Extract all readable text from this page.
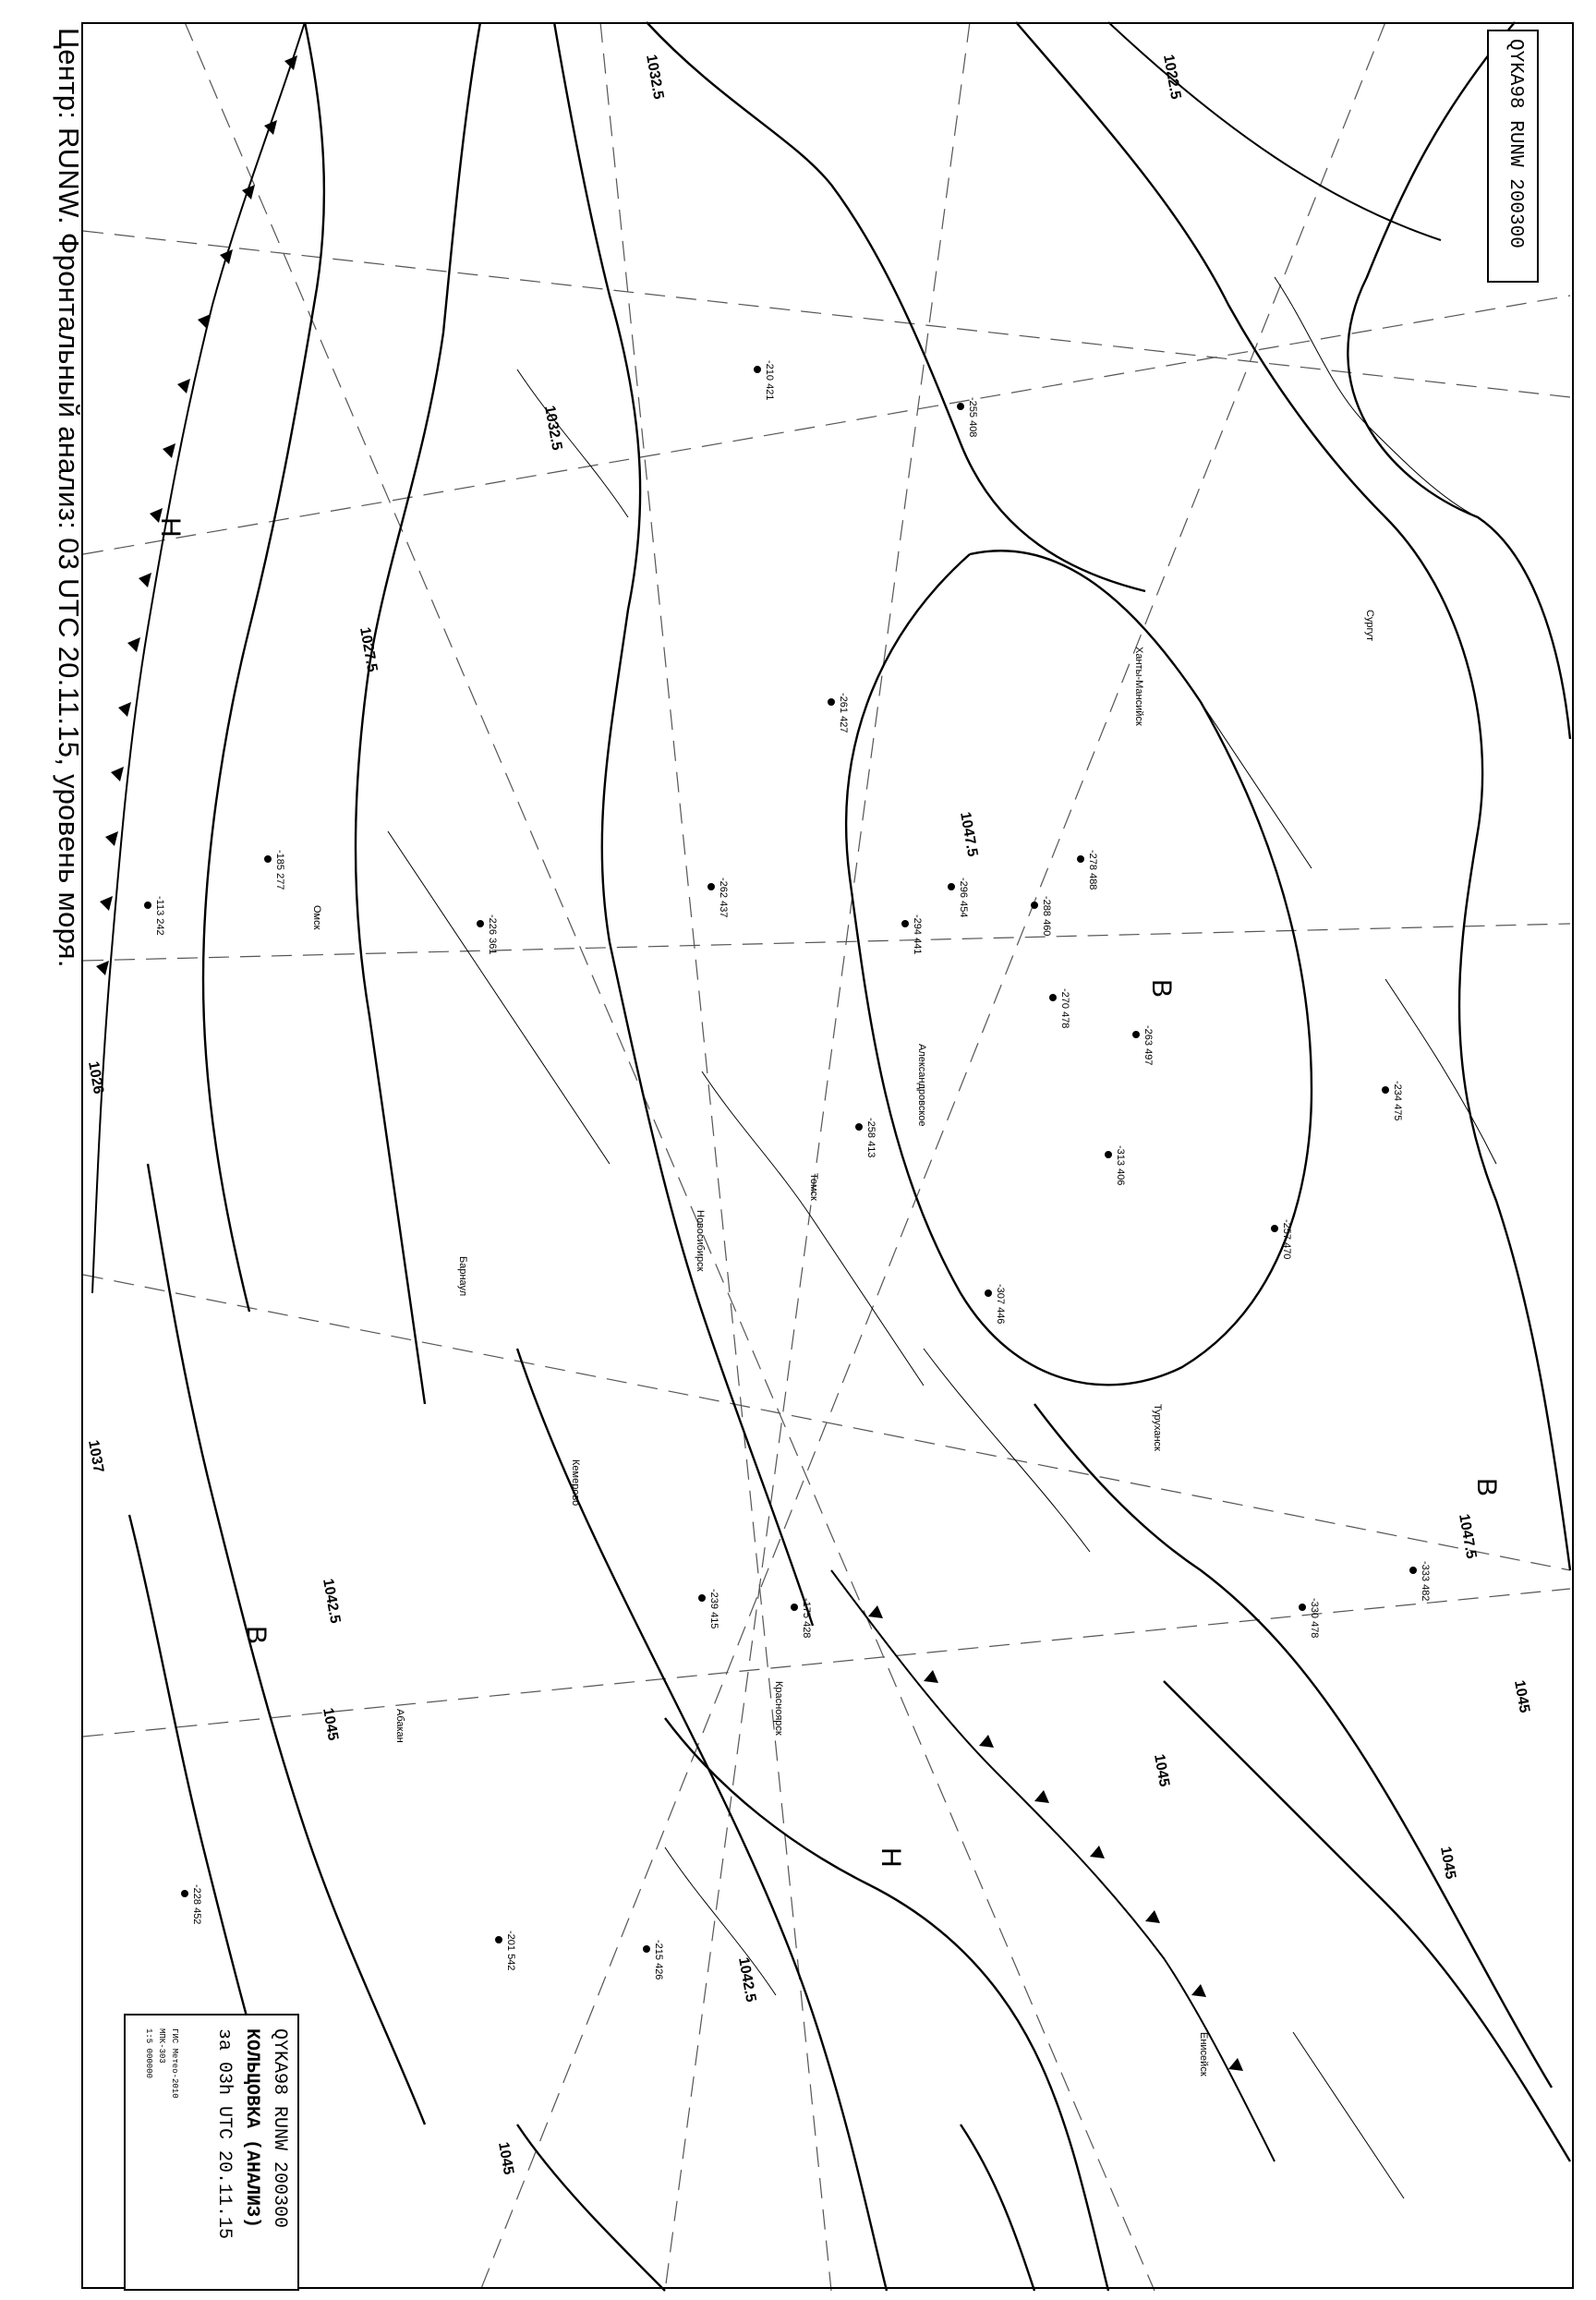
1032.5	1022.5
1032.5
1027.5
1047.5
1047.5
1045
1045
1045
1042.5
1042.5
1037
1045
1026
1045
В
В
В
Н
Н
Новосибирск
Барнаул
Омск
Александровское
Ханты-Мансийск
Сургут
Томск
Кемерово
Красноярск
Туруханск
Енисейск
Абакан
-210 421
-261 427
-255 408
-313 406
-294 441
-296 454
-307 446
-288 460
-278 488
-270 478
-263 497
-330 478
-333 482
-257 470
-234 475
-262 437
-226 361
-185 277
-113 242
-239 415	-175 428
-228 452
-201 542
-258 413
-215 426
Центр: RUNW. Фронтальный анализ: 03 UTC 20.11.15, уровень моря.	QYKA98 RUNW 200300
QYKA98 RUNW 200300
КОЛЬЦОВКА (АНАЛИЗ)
за 03h UTC 20.11.15
ГИС Метео-2010
МПК-303
1:5 000000
